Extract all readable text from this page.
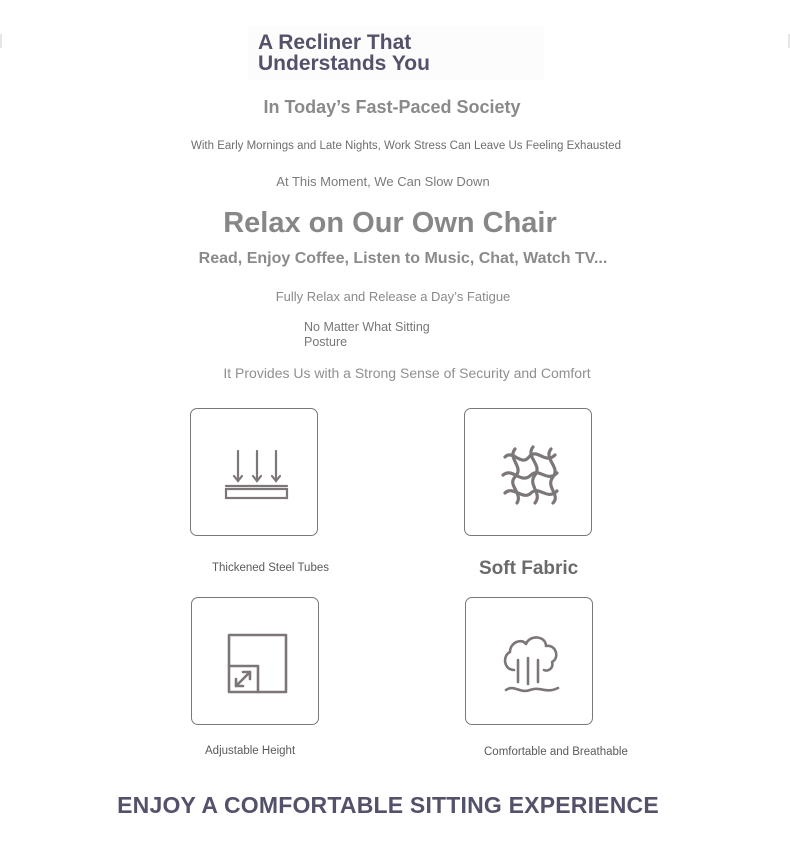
A Recliner That Understands You
In Today’s Fast-Paced Society
With Early Mornings and Late Nights, Work Stress Can Leave Us Feeling Exhausted
At This Moment, We Can Slow Down
Relax on Our Own Chair
Read, Enjoy Coffee, Listen to Music, Chat, Watch TV...
Fully Relax and Release a Day’s Fatigue
No Matter What Sitting Posture
It Provides Us with a Strong Sense of Security and Comfort
Thickened Steel Tubes	Soft Fabric
Adjustable Height	Comfortable and Breathable
ENJOY A COMFORTABLE SITTING EXPERIENCE
